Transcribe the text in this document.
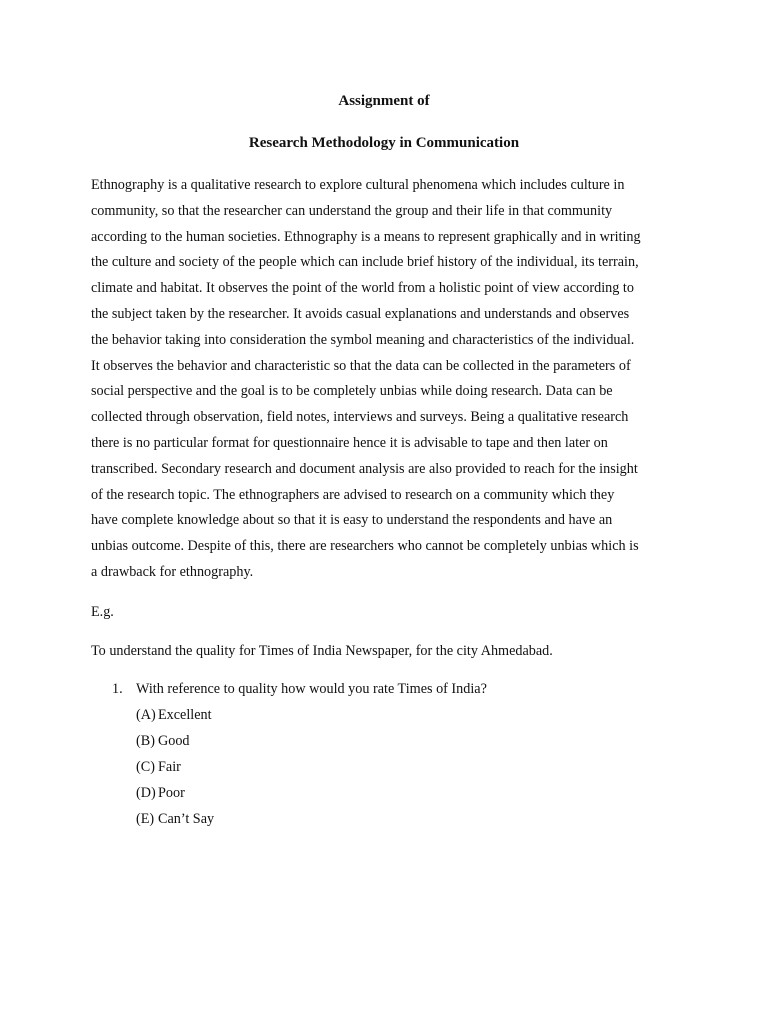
Assignment of
Research Methodology in Communication

Ethnography is a qualitative research to explore cultural phenomena which includes culture in
community, so that the researcher can understand the group and their life in that community
according to the human societies. Ethnography is a means to represent graphically and in writing
the culture and society of the people which can include brief history of the individual, its terrain,
climate and habitat. It observes the point of the world from a holistic point of view according to
the subject taken by the researcher. It avoids casual explanations and understands and observes
the behavior taking into consideration the symbol meaning and characteristics of the individual.
It observes the behavior and characteristic so that the data can be collected in the parameters of
social perspective and the goal is to be completely unbias while doing research. Data can be
collected through observation, field notes, interviews and surveys. Being a qualitative research
there is no particular format for questionnaire hence it is advisable to tape and then later on
transcribed. Secondary research and document analysis are also provided to reach for the insight
of the research topic. The ethnographers are advised to research on a community which they
have complete knowledge about so that it is easy to understand the respondents and have an
unbias outcome. Despite of this, there are researchers who cannot be completely unbias which is
a drawback for ethnography.

E.g.

To understand the quality for Times of India Newspaper, for the city Ahmedabad.

1. With reference to quality how would you rate Times of India?

(A) Excellent
(B) Good
(C) Fair
(D) Poor
(E) Can’t Say
